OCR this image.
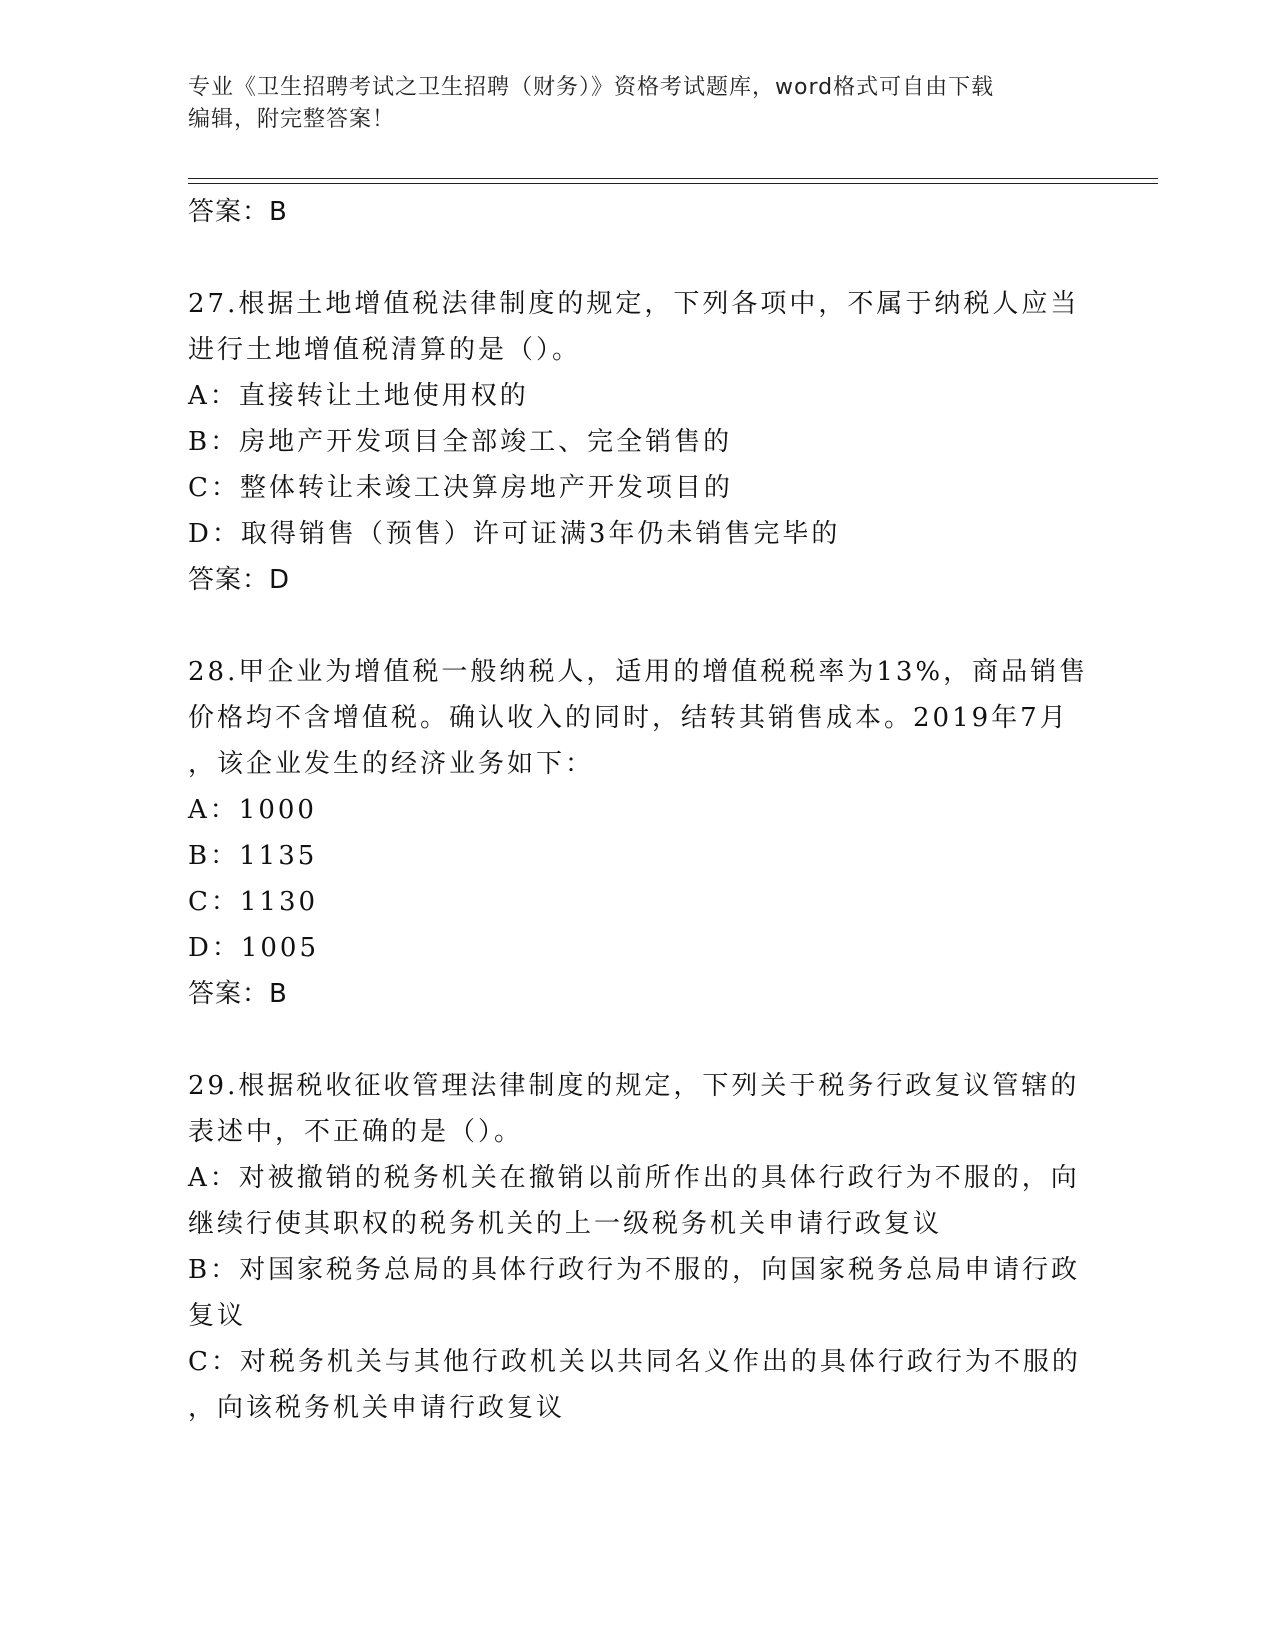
专业《卫生招聘考试之卫生招聘（财务）》资格考试题库，word格式可自由下载
编辑，附完整答案！

答案：B

27.根据土地增值税法律制度的规定，下列各项中，不属于纳税人应当

进行土地增值税清算的是（）。

A：直接转让土地使用权的

B：房地产开发项目全部竣工、完全销售的

C：整体转让未竣工决算房地产开发项目的

D：取得销售（预售）许可证满3年仍未销售完毕的

答案：D

28.甲企业为增值税一般纳税人，适用的增值税税率为13%，商品销售

价格均不含增值税。确认收入的同时，结转其销售成本。2019年7月

，该企业发生的经济业务如下：

A：1000

B：1135

C：1130

D：1005

答案：B

29.根据税收征收管理法律制度的规定，下列关于税务行政复议管辖的

表述中，不正确的是（）。

A：对被撤销的税务机关在撤销以前所作出的具体行政行为不服的，向

继续行使其职权的税务机关的上一级税务机关申请行政复议

B：对国家税务总局的具体行政行为不服的，向国家税务总局申请行政

复议

C：对税务机关与其他行政机关以共同名义作出的具体行政行为不服的

，向该税务机关申请行政复议
